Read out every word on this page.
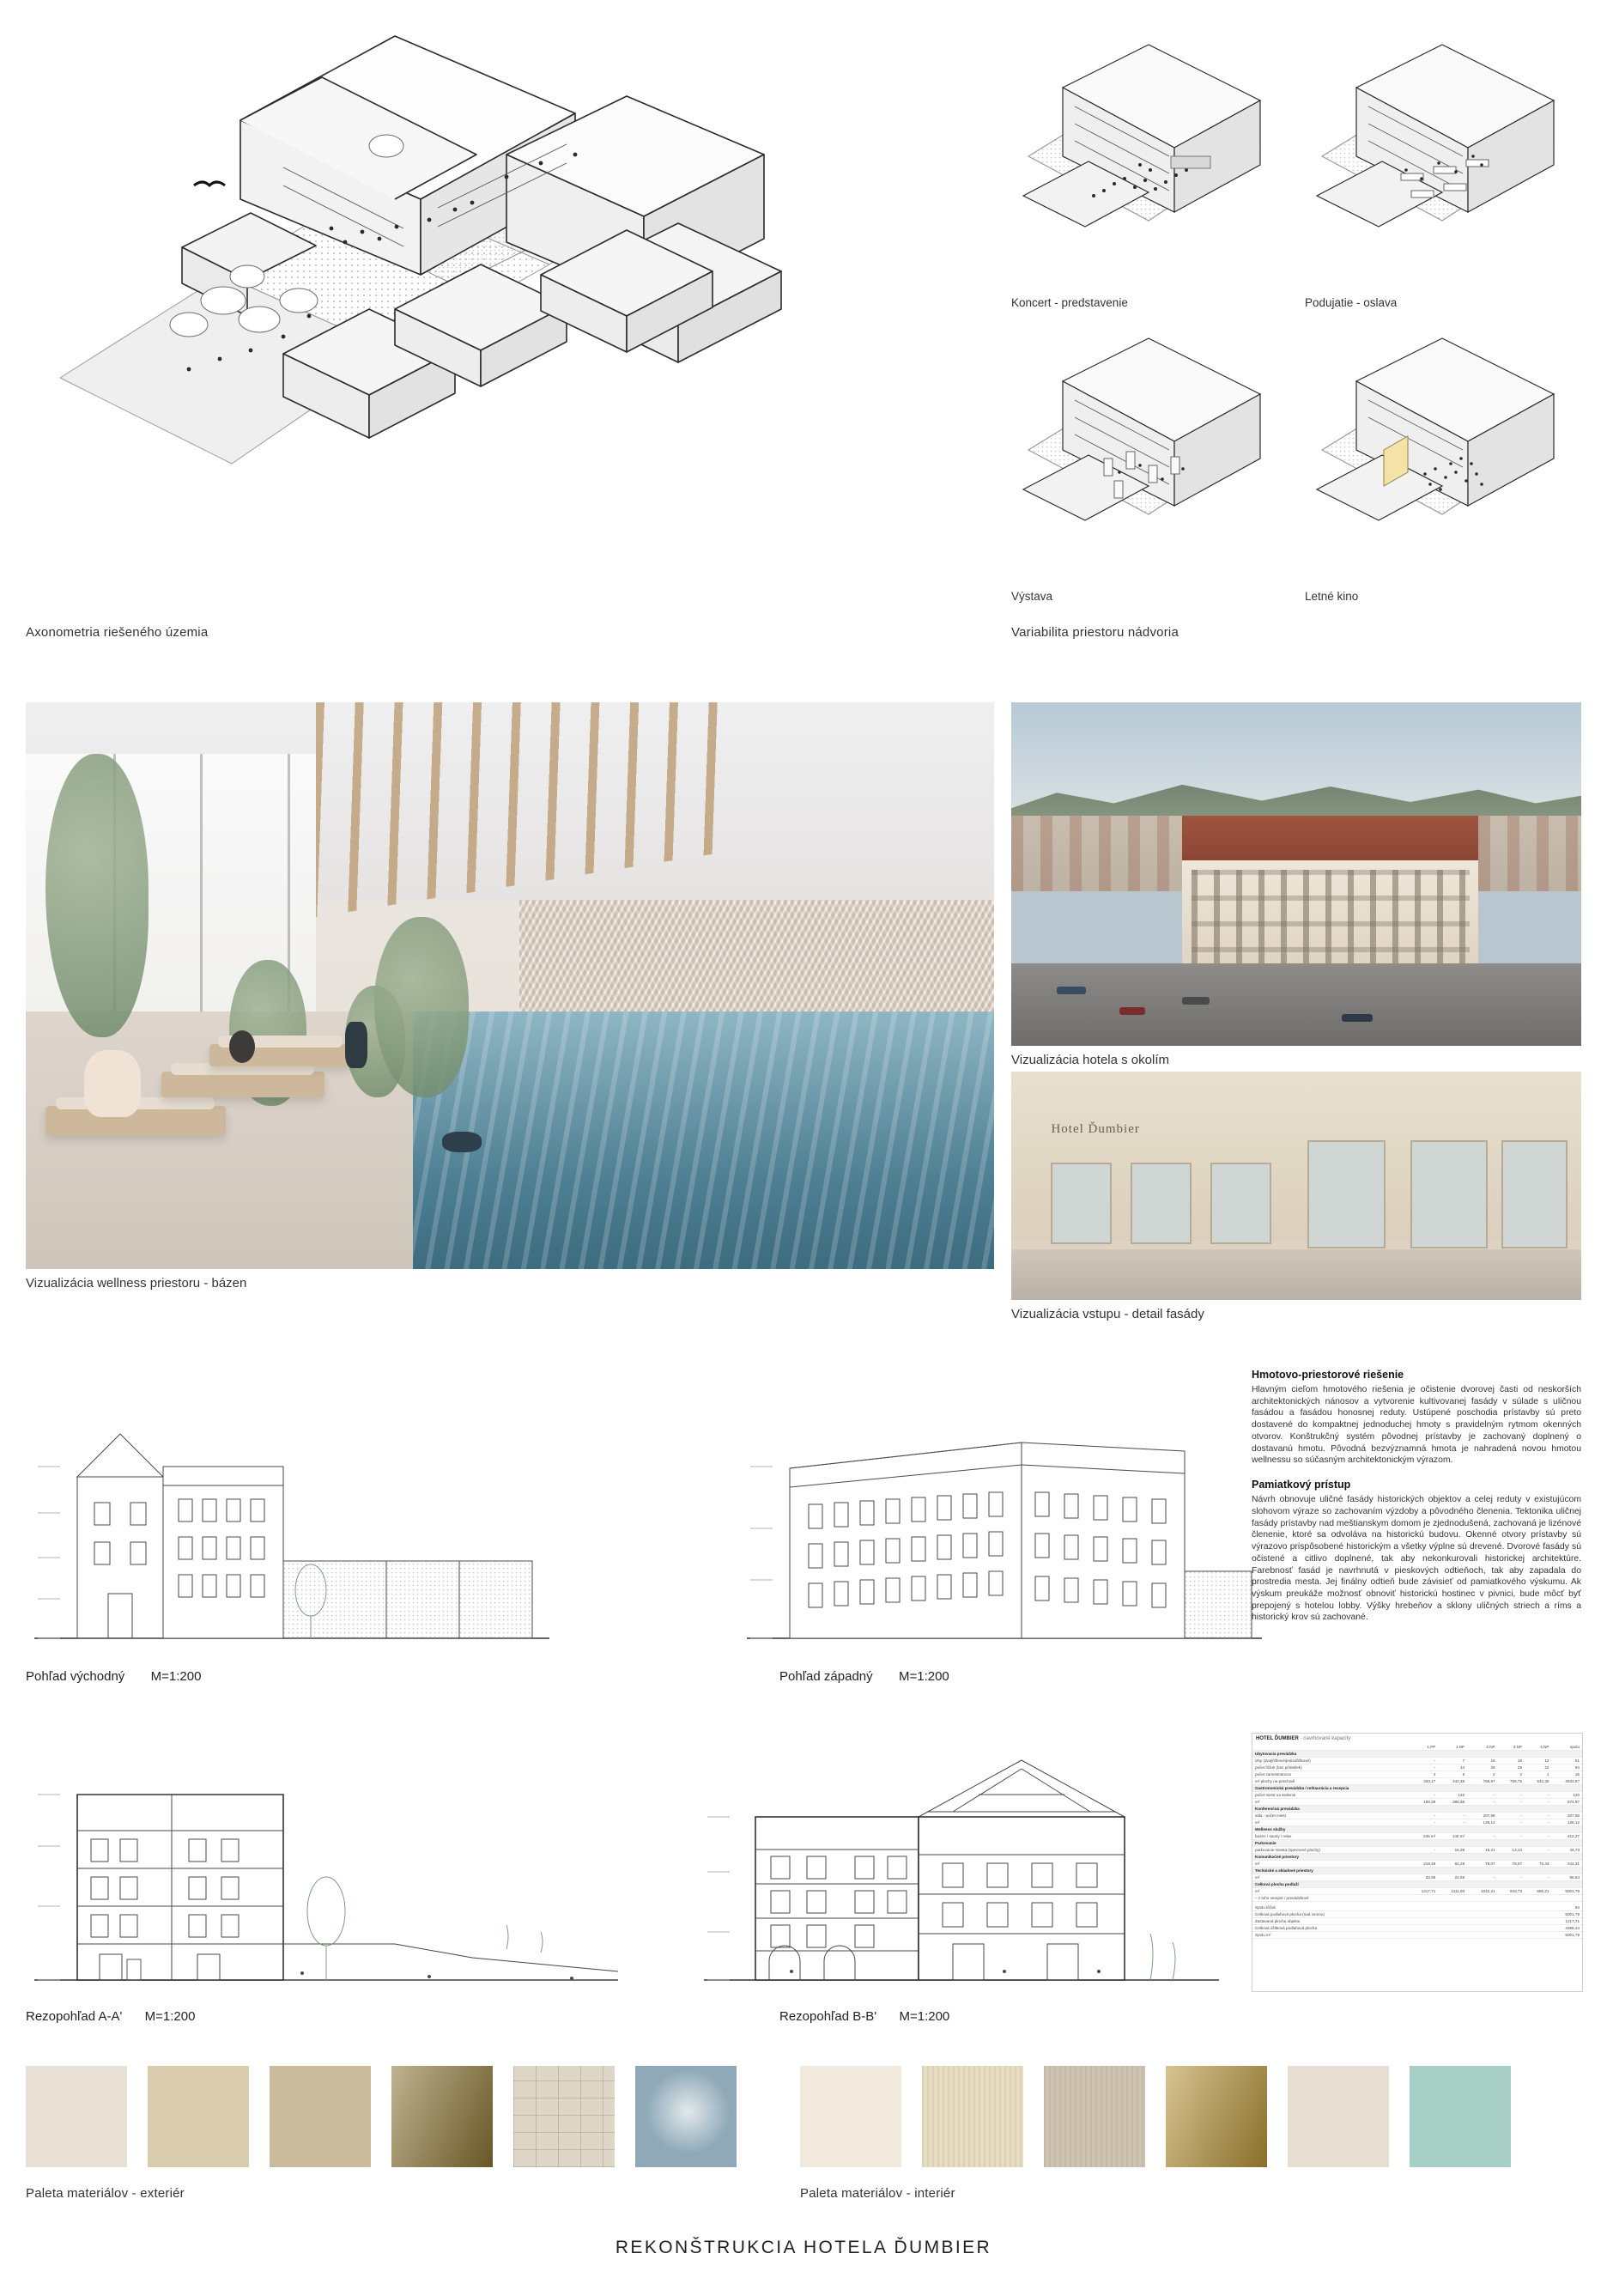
Axonometria riešeného územia
Koncert - predstavenie	Podujatie - oslava
Výstava	Letné kino
Variabilita priestoru nádvoria
Vizualizácia wellness priestoru - bázen
Vizualizácia hotela s okolím
Hotel Ďumbier
Vizualizácia vstupu - detail fasády
Pohľad východný M=1:200	Pohľad západný M=1:200
Rezopohľad A-A' M=1:200	Rezopohľad B-B' M=1:200
Hmotovo-priestorové riešenie

Hlavným cieľom hmotového riešenia je očistenie dvorovej časti od neskorších architektonických nánosov a vytvorenie kultivovanej fasády v súlade s uličnou fasádou a fasádou honosnej reduty. Ustúpené poschodia prístavby sú preto dostavené do kompaktnej jednoduchej hmoty s pravidelným rytmom okenných otvorov. Konštrukčný systém pôvodnej prístavby je zachovaný doplnený o dostavanú hmotu. Pôvodná bezvýznamná hmota je nahradená novou hmotou wellnessu so súčasným architektonickým výrazom.

Pamiatkový prístup

Návrh obnovuje uličné fasády historických objektov a celej reduty v existujúcom slohovom výraze so zachovaním výzdoby a pôvodného členenia. Tektonika uličnej fasády prístavby nad meštianskym domom je zjednodušená, zachovaná je lizénové členenie, ktoré sa odvoláva na historickú budovu. Okenné otvory prístavby sú výrazovo prispôsobené historickým a všetky výplne sú drevené. Dvorové fasády sú očistené a citlivo doplnené, tak aby nekonkurovali historickej architektúre. Farebnosť fasád je navrhnutá v pieskových odtieňoch, tak aby zapadala do prostredia mesta. Jej finálny odtieň bude závisieť od pamiatkového výskumu. Ak výskum preukáže možnosť obnoviť historickú hostinec v pivnici, bude môcť byť prepojený s hotelou lobby. Výšky hrebeňov a sklony uličných striech a ríms a historický krov sú zachované.

HOTEL ĎUMBIER - navrhované kapacity
	1.PP	1.NP	2.NP	3.NP	4.NP	spolu
Ubytovacia prevádzka						
izby (dvojlôžkové/jednolôžkové)	-	7	16	16	12	51
počet lôžok (bez prísteliek)	-	14	29	29	22	94
počet zamestnancov	4	6	2	2	1	15
m² plochy na poschodí	320,17	442,48	768,97	759,75	542,30	2833,67
Gastronomická prevádzka / reštaurácia a recepcia						
počet miest na sedenie	-	120	-	-	-	120
m²	188,39	386,58	-	-	-	574,97
Konferenčná prevádzka						
sála - počet miest	-	-	207,58	-	-	207,58
m²	-	-	128,12	-	-	128,12
Wellness služby						
bazén / sauny / relax	236 m²	140 m²	-	-	-	412,27
Parkovanie						
parkovacie miesta (spevnené plochy)	-	16,38	15,21	13,14	-	44,73
Komunikačné priestory						
m²	218,46	64,28	78,07	78,07	72,43	511,31
Technické a skladové priestory						
m²	32,98	22,66	-	-	-	55,64
Celková plocha podlaží						
m²	1217,71	1111,93	1042,21	943,73	686,21	5001,79
– z toho verejné / prevádzkové						
Spolu lôžok	94
Celková podlahová plocha (nad zemou)	5001,79
Zastavaná plocha objektu	1217,71
Celková úžitková podlahová plocha	4389,44
Spolu m²	5001,79
Paleta materiálov - exteriér	Paleta materiálov - interiér
REKONŠTRUKCIA HOTELA ĎUMBIER
